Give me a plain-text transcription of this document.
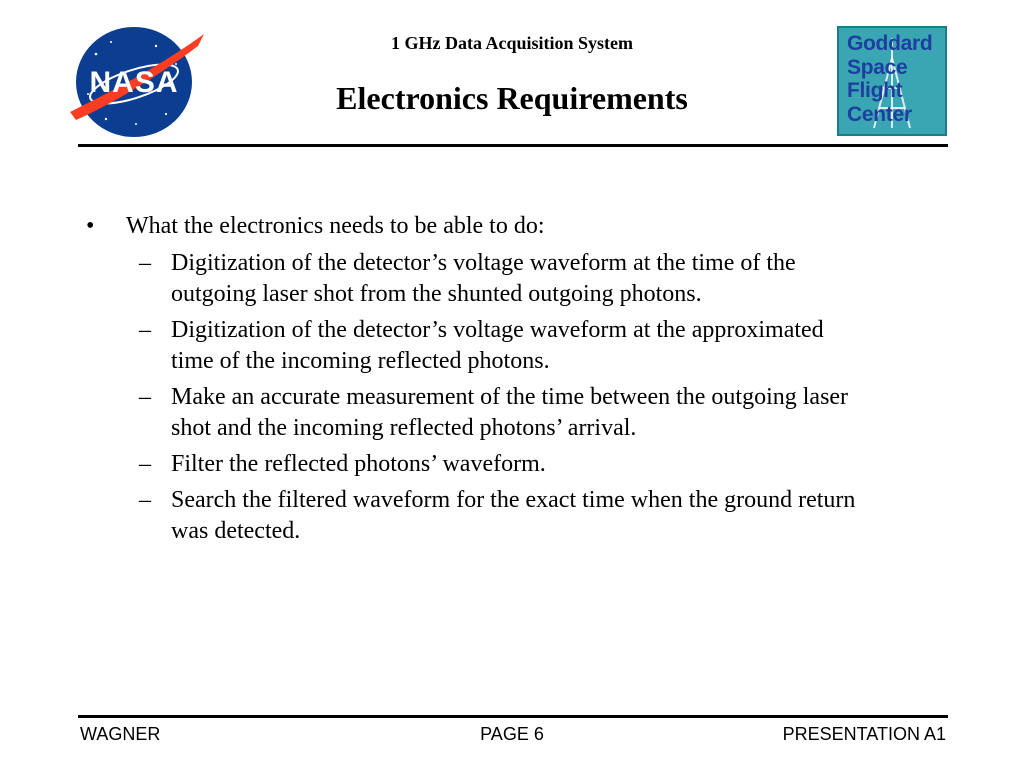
NASA
1 GHz Data Acquisition System
Electronics Requirements
Goddard
Space
Flight
Center
• What the electronics needs to be able to do:
– Digitization of the detector’s voltage waveform at the time of the outgoing laser shot from the shunted outgoing photons.
– Digitization of the detector’s voltage waveform at the approximated time of the incoming reflected photons.
– Make an accurate measurement of the time between the outgoing laser shot and the incoming reflected photons’ arrival.
– Filter the reflected photons’ waveform.
– Search the filtered waveform for the exact time when the ground return was detected.
WAGNER	PAGE 6	PRESENTATION A1
